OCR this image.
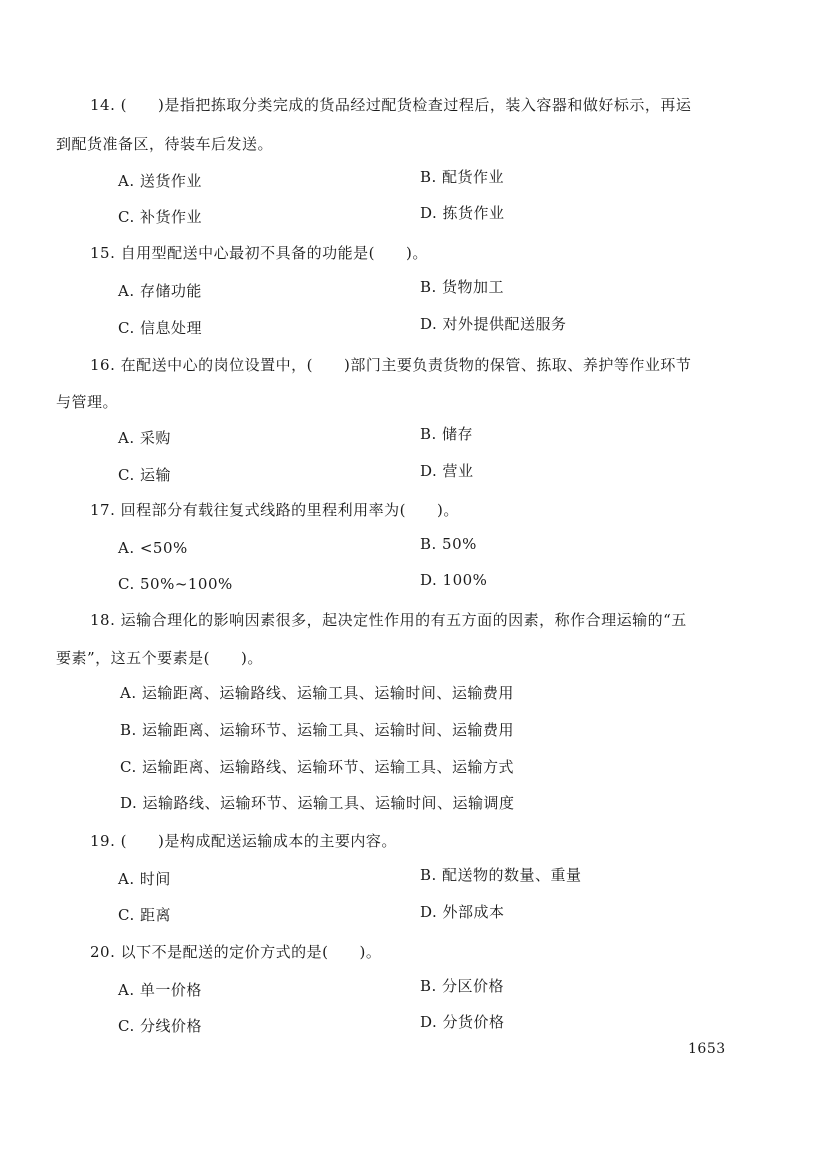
14. (　　)是指把拣取分类完成的货品经过配货检查过程后，装入容器和做好标示，再运
到配货准备区，待装车后发送。
A. 送货作业	B. 配货作业
C. 补货作业	D. 拣货作业
15. 自用型配送中心最初不具备的功能是(　　)。
A. 存储功能	B. 货物加工
C. 信息处理	D. 对外提供配送服务
16. 在配送中心的岗位设置中，(　　)部门主要负责货物的保管、拣取、养护等作业环节
与管理。
A. 采购	B. 储存
C. 运输	D. 营业
17. 回程部分有载往复式线路的里程利用率为(　　)。
A. <50%	B. 50%
C. 50%~100%	D. 100%
18. 运输合理化的影响因素很多，起决定性作用的有五方面的因素，称作合理运输的“五
要素”，这五个要素是(　　)。
A. 运输距离、运输路线、运输工具、运输时间、运输费用
B. 运输距离、运输环节、运输工具、运输时间、运输费用
C. 运输距离、运输路线、运输环节、运输工具、运输方式
D. 运输路线、运输环节、运输工具、运输时间、运输调度
19. (　　)是构成配送运输成本的主要内容。
A. 时间	B. 配送物的数量、重量
C. 距离	D. 外部成本
20. 以下不是配送的定价方式的是(　　)。
A. 单一价格	B. 分区价格
C. 分线价格	D. 分货价格
1653
